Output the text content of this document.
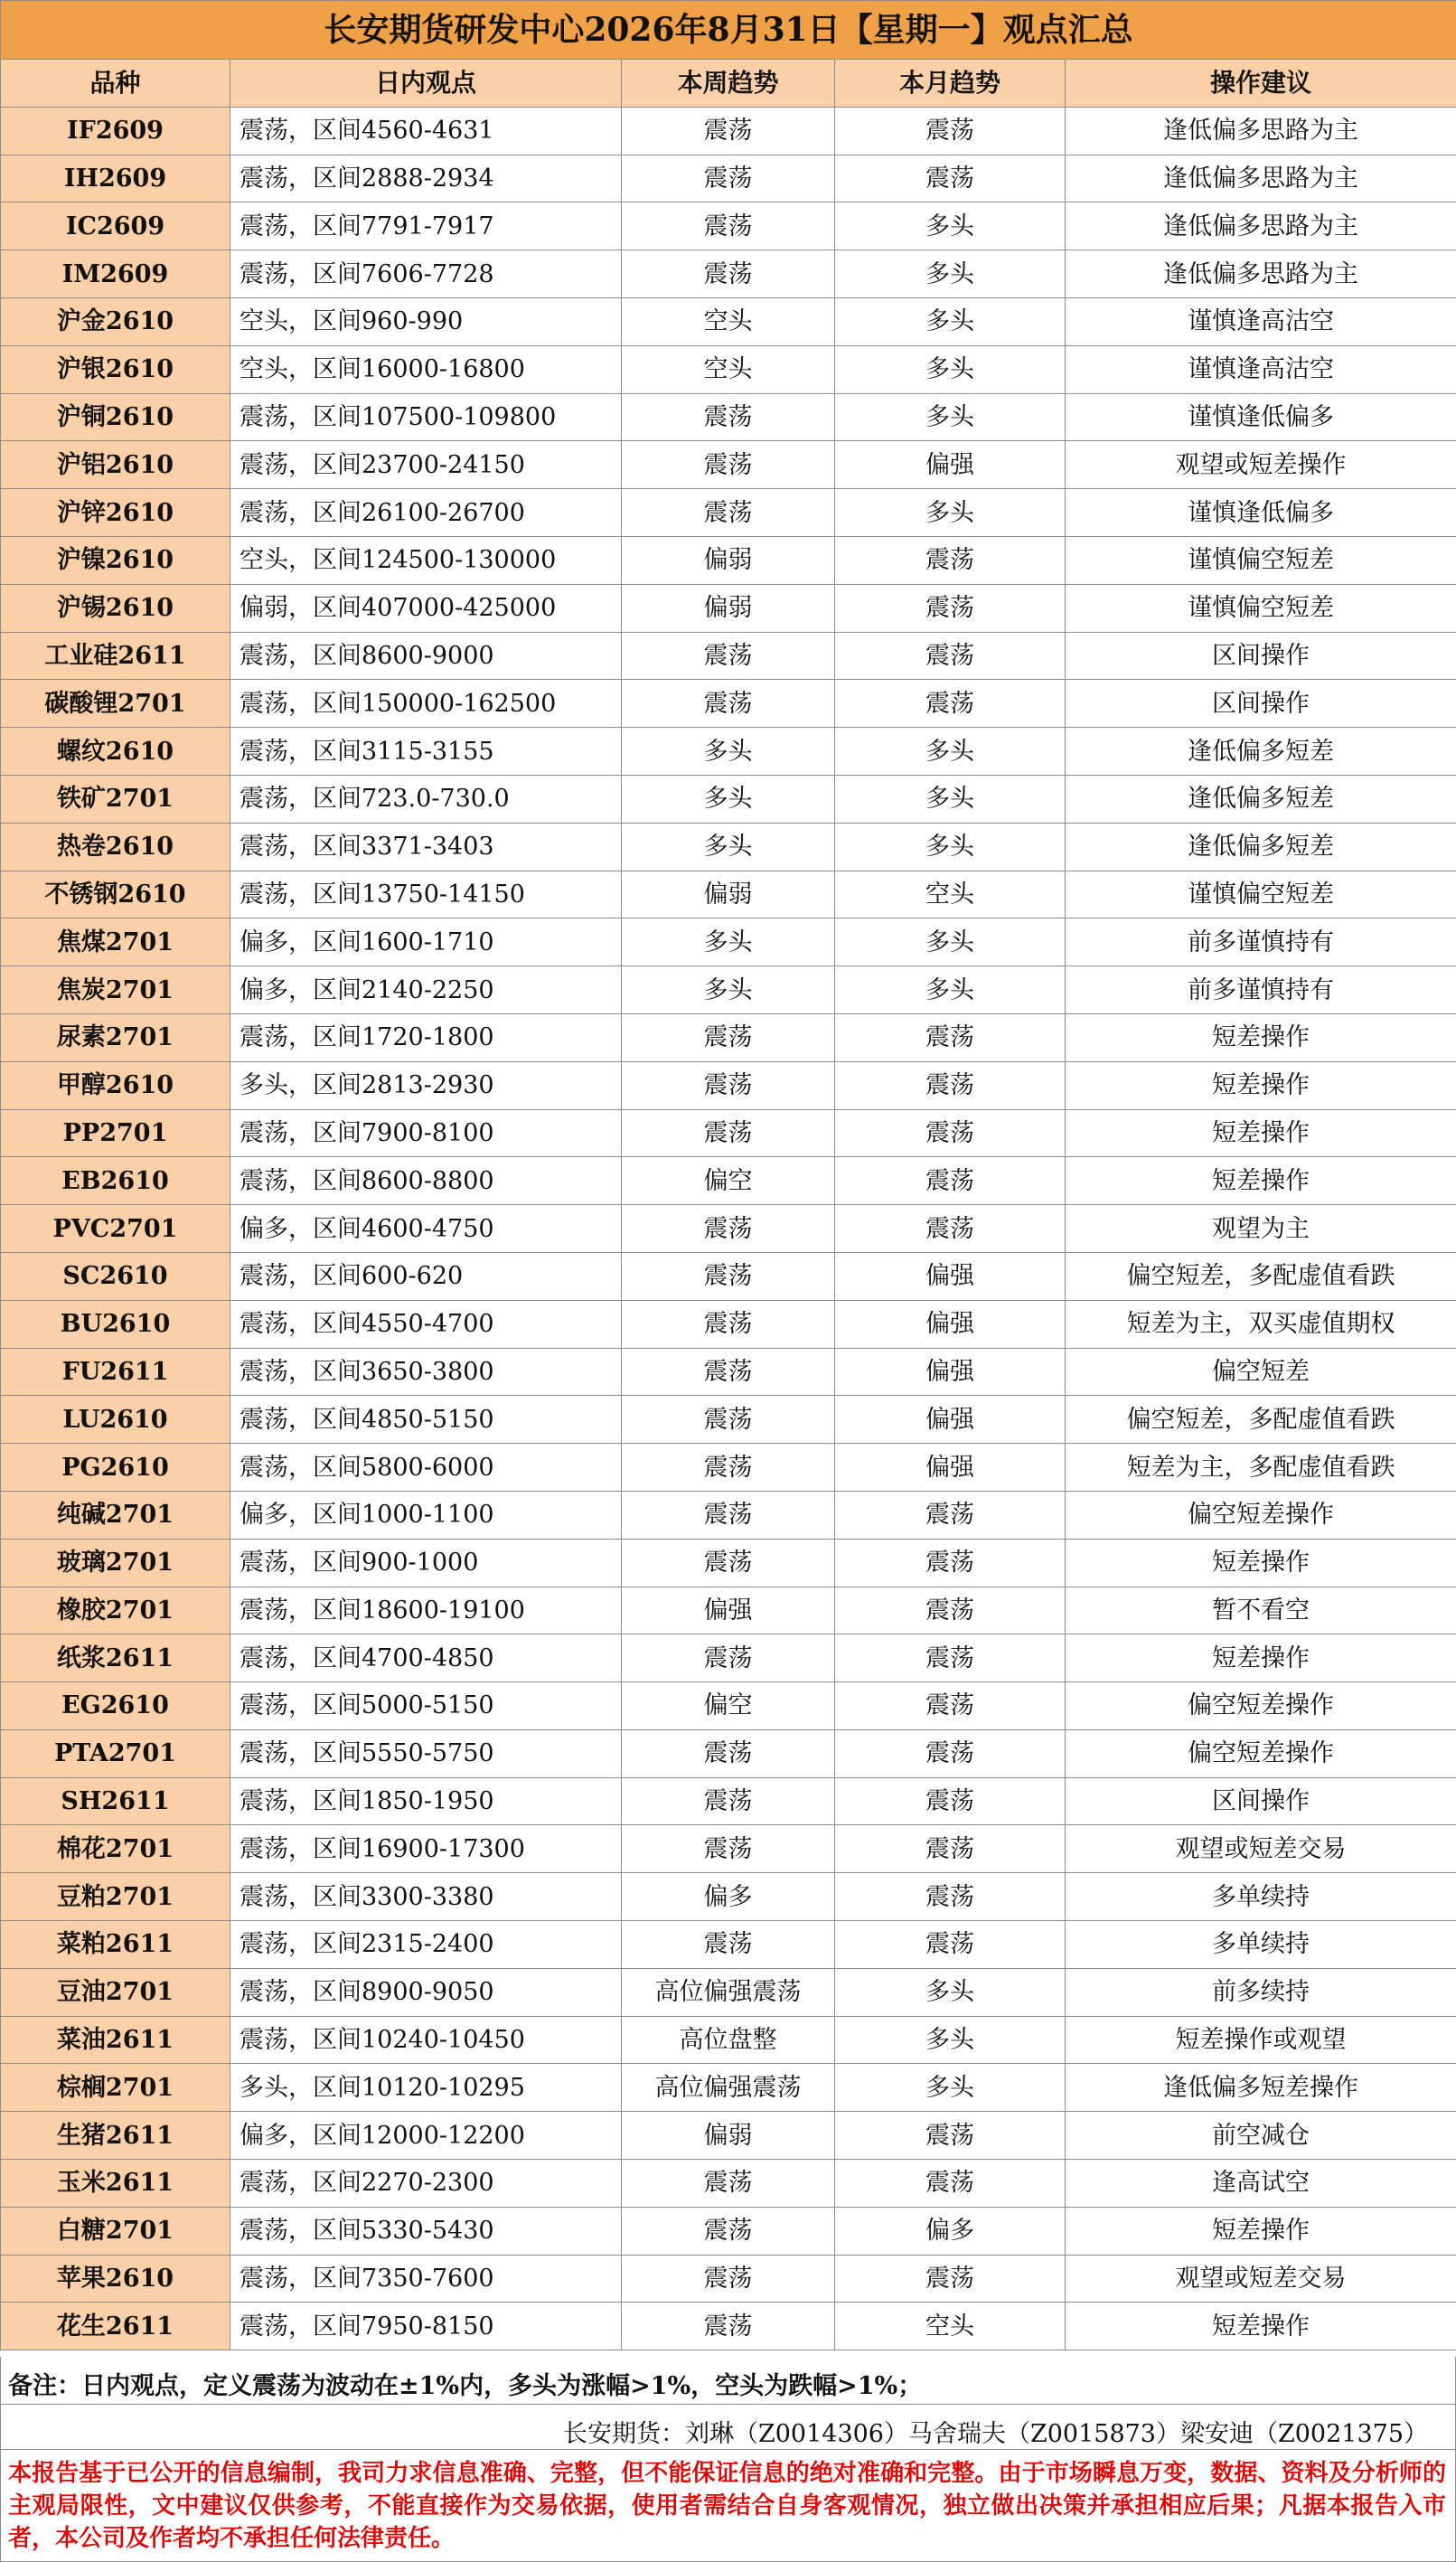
长安期货研发中心2026年8月31日【星期一】观点汇总				
品种	日内观点	本周趋势	本月趋势	操作建议
IF2609	震荡，区间4560-4631	震荡	震荡	逢低偏多思路为主
IH2609	震荡，区间2888-2934	震荡	震荡	逢低偏多思路为主
IC2609	震荡，区间7791-7917	震荡	多头	逢低偏多思路为主
IM2609	震荡，区间7606-7728	震荡	多头	逢低偏多思路为主
沪金2610	空头，区间960-990	空头	多头	谨慎逢高沽空
沪银2610	空头，区间16000-16800	空头	多头	谨慎逢高沽空
沪铜2610	震荡，区间107500-109800	震荡	多头	谨慎逢低偏多
沪铝2610	震荡，区间23700-24150	震荡	偏强	观望或短差操作
沪锌2610	震荡，区间26100-26700	震荡	多头	谨慎逢低偏多
沪镍2610	空头，区间124500-130000	偏弱	震荡	谨慎偏空短差
沪锡2610	偏弱，区间407000-425000	偏弱	震荡	谨慎偏空短差
工业硅2611	震荡，区间8600-9000	震荡	震荡	区间操作
碳酸锂2701	震荡，区间150000-162500	震荡	震荡	区间操作
螺纹2610	震荡，区间3115-3155	多头	多头	逢低偏多短差
铁矿2701	震荡，区间723.0-730.0	多头	多头	逢低偏多短差
热卷2610	震荡，区间3371-3403	多头	多头	逢低偏多短差
不锈钢2610	震荡，区间13750-14150	偏弱	空头	谨慎偏空短差
焦煤2701	偏多，区间1600-1710	多头	多头	前多谨慎持有
焦炭2701	偏多，区间2140-2250	多头	多头	前多谨慎持有
尿素2701	震荡，区间1720-1800	震荡	震荡	短差操作
甲醇2610	多头，区间2813-2930	震荡	震荡	短差操作
PP2701	震荡，区间7900-8100	震荡	震荡	短差操作
EB2610	震荡，区间8600-8800	偏空	震荡	短差操作
PVC2701	偏多，区间4600-4750	震荡	震荡	观望为主
SC2610	震荡，区间600-620	震荡	偏强	偏空短差，多配虚值看跌
BU2610	震荡，区间4550-4700	震荡	偏强	短差为主，双买虚值期权
FU2611	震荡，区间3650-3800	震荡	偏强	偏空短差
LU2610	震荡，区间4850-5150	震荡	偏强	偏空短差，多配虚值看跌
PG2610	震荡，区间5800-6000	震荡	偏强	短差为主，多配虚值看跌
纯碱2701	偏多，区间1000-1100	震荡	震荡	偏空短差操作
玻璃2701	震荡，区间900-1000	震荡	震荡	短差操作
橡胶2701	震荡，区间18600-19100	偏强	震荡	暂不看空
纸浆2611	震荡，区间4700-4850	震荡	震荡	短差操作
EG2610	震荡，区间5000-5150	偏空	震荡	偏空短差操作
PTA2701	震荡，区间5550-5750	震荡	震荡	偏空短差操作
SH2611	震荡，区间1850-1950	震荡	震荡	区间操作
棉花2701	震荡，区间16900-17300	震荡	震荡	观望或短差交易
豆粕2701	震荡，区间3300-3380	偏多	震荡	多单续持
菜粕2611	震荡，区间2315-2400	震荡	震荡	多单续持
豆油2701	震荡，区间8900-9050	高位偏强震荡	多头	前多续持
菜油2611	震荡，区间10240-10450	高位盘整	多头	短差操作或观望
棕榈2701	多头，区间10120-10295	高位偏强震荡	多头	逢低偏多短差操作
生猪2611	偏多，区间12000-12200	偏弱	震荡	前空减仓
玉米2611	震荡，区间2270-2300	震荡	震荡	逢高试空
白糖2701	震荡，区间5330-5430	震荡	偏多	短差操作
苹果2610	震荡，区间7350-7600	震荡	震荡	观望或短差交易
花生2611	震荡，区间7950-8150	震荡	空头	短差操作
备注：日内观点，定义震荡为波动在±1%内，多头为涨幅>1%，空头为跌幅>1%；
长安期货：刘琳（Z0014306）马舍瑞夫（Z0015873）梁安迪（Z0021375）
本报告基于已公开的信息编制，我司力求信息准确、完整，但不能保证信息的绝对准确和完整。由于市场瞬息万变，数据、资料及分析师的主观局限性，文中建议仅供参考，不能直接作为交易依据，使用者需结合自身客观情况，独立做出决策并承担相应后果；凡据本报告入市者，本公司及作者均不承担任何法律责任。
